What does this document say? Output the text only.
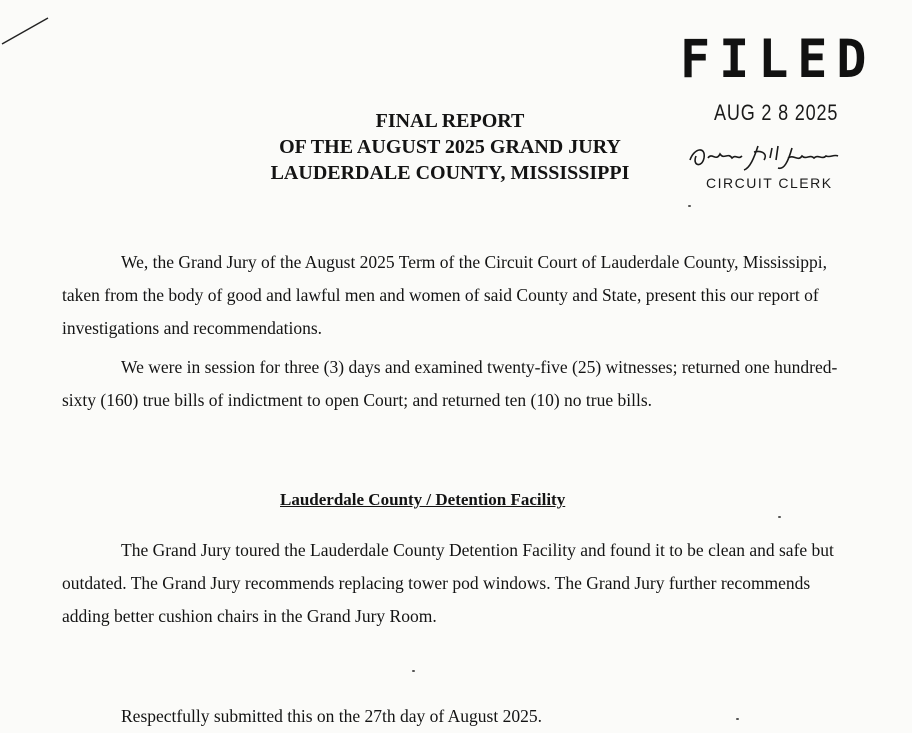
FILED
AUG 2 8 2025
CIRCUIT CLERK
FINAL REPORT
OF THE AUGUST 2025 GRAND JURY
LAUDERDALE COUNTY, MISSISSIPPI

We, the Grand Jury of the August 2025 Term of the Circuit Court of Lauderdale County, Mississippi, taken from the body of good and lawful men and women of said County and State, present this our report of investigations and recommendations.

We were in session for three (3) days and examined twenty-five (25) witnesses; returned one hundred-sixty (160) true bills of indictment to open Court; and returned ten (10) no true bills.

Lauderdale County / Detention Facility

The Grand Jury toured the Lauderdale County Detention Facility and found it to be clean and safe but outdated. The Grand Jury recommends replacing tower pod windows. The Grand Jury further recommends adding better cushion chairs in the Grand Jury Room.

Respectfully submitted this on the 27th day of August 2025.
